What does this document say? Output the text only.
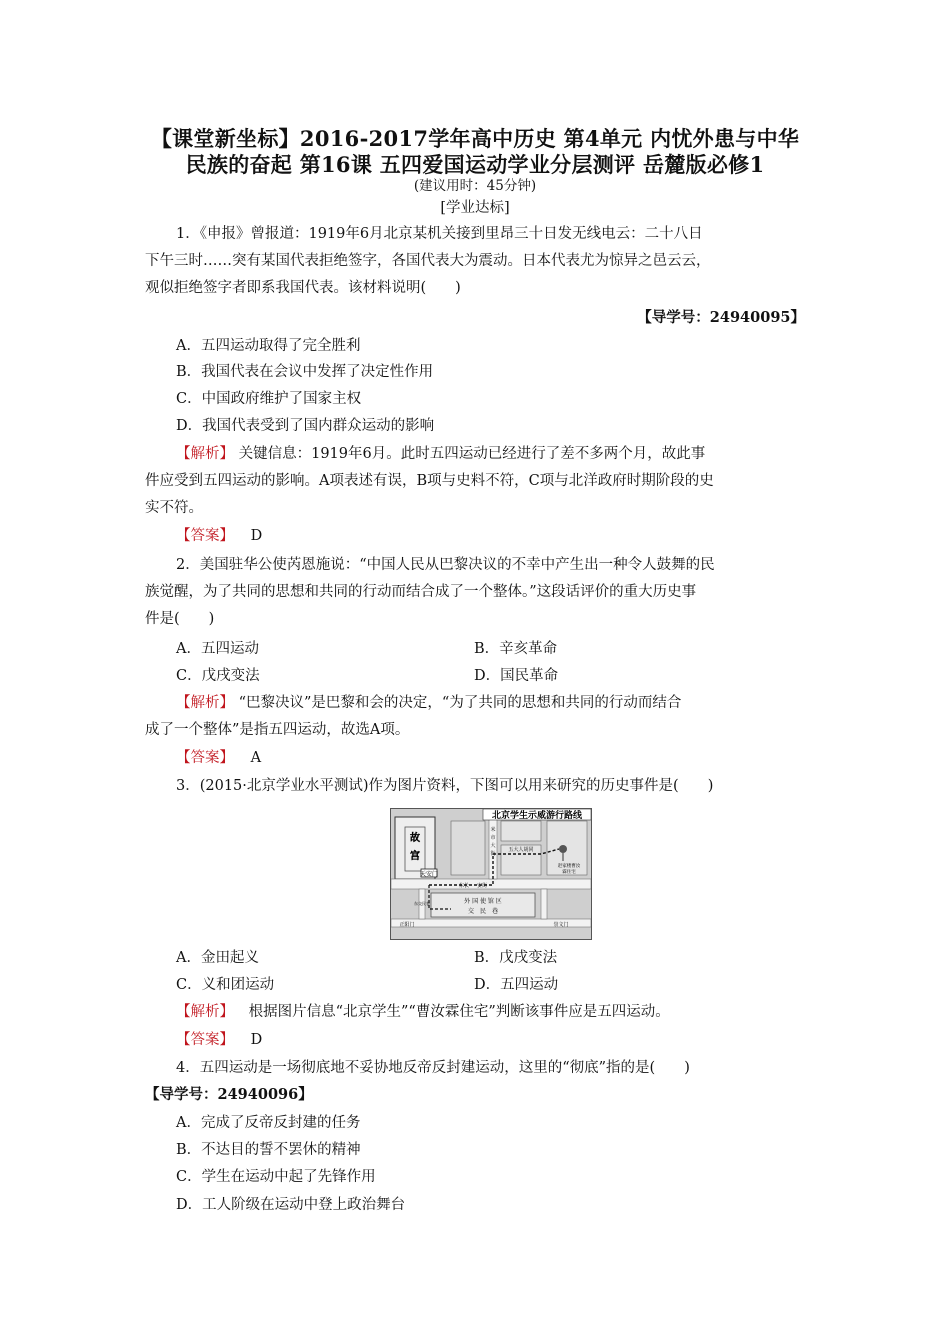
【课堂新坐标】2016-2017学年高中历史 第4单元 内忧外患与中华
民族的奋起 第16课 五四爱国运动学业分层测评 岳麓版必修1
(建议用时：45分钟)
[学业达标]
1．《申报》曾报道：1919年6月北京某机关接到里昂三十日发无线电云：二十八日
下午三时……突有某国代表拒绝签字，各国代表大为震动。日本代表尤为惊异之邑云云，
观似拒绝签字者即系我国代表。该材料说明(　　)
【导学号：24940095】
A．五四运动取得了完全胜利
B．我国代表在会议中发挥了决定性作用
C．中国政府维护了国家主权
D．我国代表受到了国内群众运动的影响
【解析】 关键信息：1919年6月。此时五四运动已经进行了差不多两个月，故此事
件应受到五四运动的影响。A项表述有误，B项与史料不符，C项与北洋政府时期阶段的史
实不符。
【答案】 D
2．美国驻华公使芮恩施说：“中国人民从巴黎决议的不幸中产生出一种令人鼓舞的民
族觉醒，为了共同的思想和共同的行动而结合成了一个整体。”这段话评价的重大历史事
件是(　　)
A．五四运动	B．辛亥革命
C．戊戌变法	D．国民革命
【解析】 “巴黎决议”是巴黎和会的决定，“为了共同的思想和共同的行动而结合
成了一个整体”是指五四运动，故选A项。
【答案】 A
3．(2015·北京学业水平测试)作为图片资料，下图可以用来研究的历史事件是(　　)
北京学生示威游行路线
故
宫
天安门
东长 安街
米
市
大
街
五大人胡同
赵家楼曹汝
霖住宅
外 国 使 馆 区
交　民　巷
东交民巷
正阳门	崇文门
A．金田起义	B．戊戌变法
C．义和团运动	D．五四运动
【解析】 根据图片信息“北京学生”“曹汝霖住宅”判断该事件应是五四运动。
【答案】 D
4．五四运动是一场彻底地不妥协地反帝反封建运动，这里的“彻底”指的是(　　)
【导学号：24940096】
A．完成了反帝反封建的任务
B．不达目的誓不罢休的精神
C．学生在运动中起了先锋作用
D．工人阶级在运动中登上政治舞台
